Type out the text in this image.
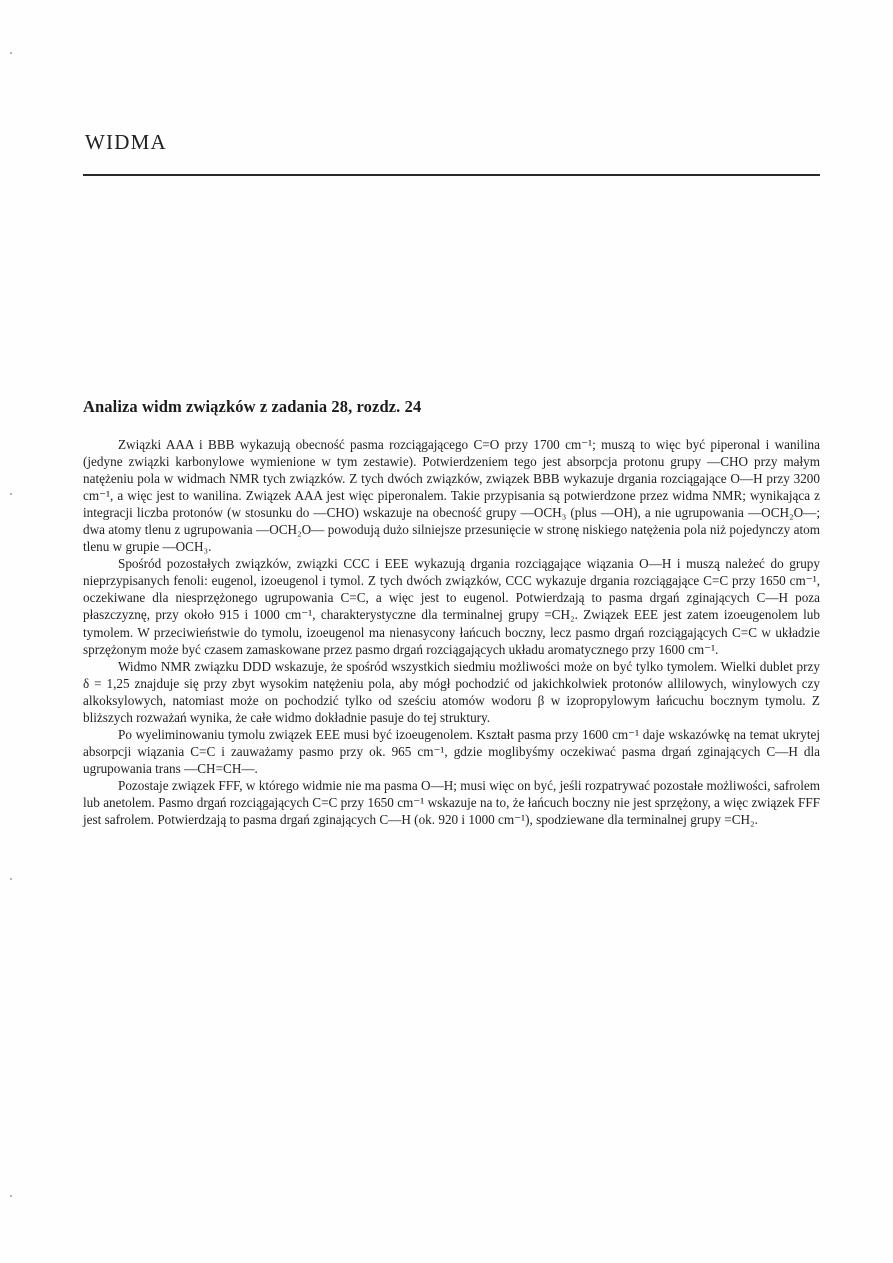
WIDMA
Analiza widm związków z zadania 28, rozdz. 24

Związki AAA i BBB wykazują obecność pasma rozciągającego C=O przy 1700 cm⁻¹; muszą to więc być piperonal i wanilina (jedyne związki karbonylowe wymienione w tym zestawie). Potwierdzeniem tego jest absorpcja protonu grupy —CHO przy małym natężeniu pola w widmach NMR tych związków. Z tych dwóch związków, związek BBB wykazuje drgania rozciągające O—H przy 3200 cm⁻¹, a więc jest to wanilina. Związek AAA jest więc piperonalem. Takie przypisania są potwierdzone przez widma NMR; wynikająca z integracji liczba protonów (w stosunku do —CHO) wskazuje na obecność grupy —OCH₃ (plus —OH), a nie ugrupowania —OCH₂O—; dwa atomy tlenu z ugrupowania —OCH₂O— powodują dużo silniejsze przesunięcie w stronę niskiego natężenia pola niż pojedynczy atom tlenu w grupie —OCH₃.

Spośród pozostałych związków, związki CCC i EEE wykazują drgania rozciągające wiązania O—H i muszą należeć do grupy nieprzypisanych fenoli: eugenol, izoeugenol i tymol. Z tych dwóch związków, CCC wykazuje drgania rozciągające C=C przy 1650 cm⁻¹, oczekiwane dla niesprzężonego ugrupowania C=C, a więc jest to eugenol. Potwierdzają to pasma drgań zginających C—H poza płaszczyznę, przy około 915 i 1000 cm⁻¹, charakterystyczne dla terminalnej grupy =CH₂. Związek EEE jest zatem izoeugenolem lub tymolem. W przeciwieństwie do tymolu, izoeugenol ma nienasycony łańcuch boczny, lecz pasmo drgań rozciągających C=C w układzie sprzężonym może być czasem zamaskowane przez pasmo drgań rozciągających układu aromatycznego przy 1600 cm⁻¹.

Widmo NMR związku DDD wskazuje, że spośród wszystkich siedmiu możliwości może on być tylko tymolem. Wielki dublet przy δ = 1,25 znajduje się przy zbyt wysokim natężeniu pola, aby mógł pochodzić od jakichkolwiek protonów allilowych, winylowych czy alkoksylowych, natomiast może on pochodzić tylko od sześciu atomów wodoru β w izopropylowym łańcuchu bocznym tymolu. Z bliższych rozważań wynika, że całe widmo dokładnie pasuje do tej struktury.

Po wyeliminowaniu tymolu związek EEE musi być izoeugenolem. Kształt pasma przy 1600 cm⁻¹ daje wskazówkę na temat ukrytej absorpcji wiązania C=C i zauważamy pasmo przy ok. 965 cm⁻¹, gdzie moglibyśmy oczekiwać pasma drgań zginających C—H dla ugrupowania trans —CH=CH—.

Pozostaje związek FFF, w którego widmie nie ma pasma O—H; musi więc on być, jeśli rozpatrywać pozostałe możliwości, safrolem lub anetolem. Pasmo drgań rozciągających C=C przy 1650 cm⁻¹ wskazuje na to, że łańcuch boczny nie jest sprzężony, a więc związek FFF jest safrolem. Potwierdzają to pasma drgań zginających C—H (ok. 920 i 1000 cm⁻¹), spodziewane dla terminalnej grupy =CH₂.
